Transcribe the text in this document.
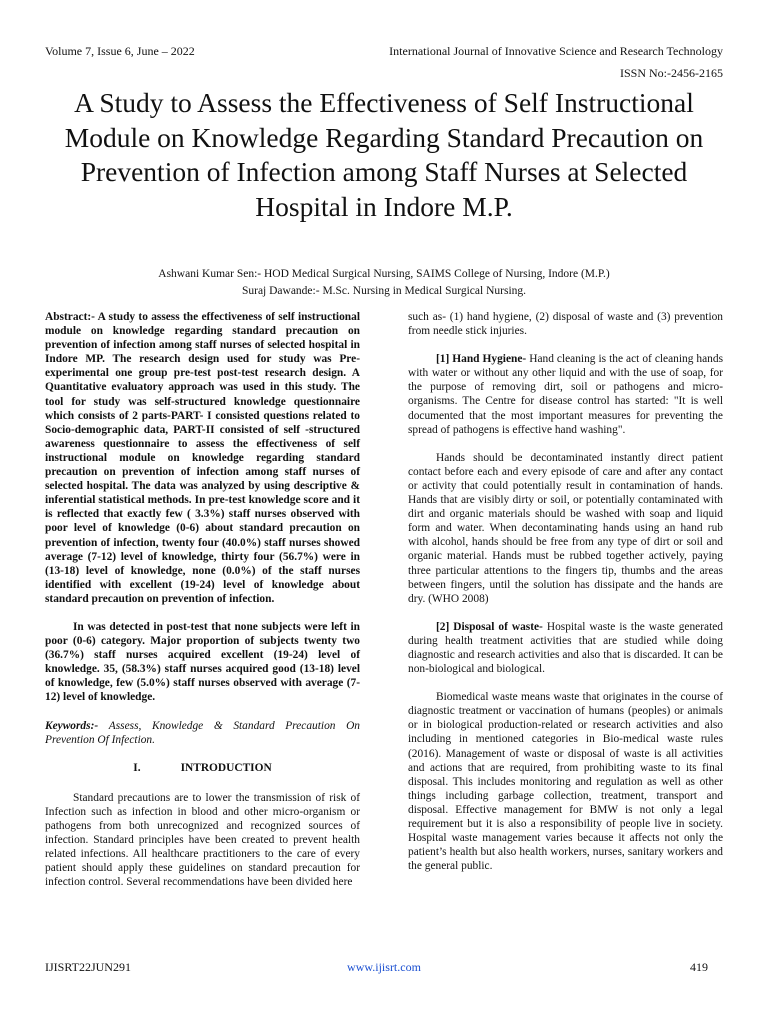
Volume 7, Issue 6, June – 2022	International Journal of Innovative Science and Research Technology
ISSN No:-2456-2165
A Study to Assess the Effectiveness of Self Instructional Module on Knowledge Regarding Standard Precaution on Prevention of Infection among Staff Nurses at Selected Hospital in Indore M.P.
Ashwani Kumar Sen:- HOD Medical Surgical Nursing, SAIMS College of Nursing, Indore (M.P.)
Suraj Dawande:- M.Sc. Nursing in Medical Surgical Nursing.

Abstract:- A study to assess the effectiveness of self instructional module on knowledge regarding standard precaution on prevention of infection among staff nurses of selected hospital in Indore MP. The research design used for study was Pre-experimental one group pre-test post-test research design. A Quantitative evaluatory approach was used in this study. The tool for study was self-structured knowledge questionnaire which consists of 2 parts-PART- I consisted questions related to Socio-demographic data, PART-II consisted of self -structured awareness questionnaire to assess the effectiveness of self instructional module on knowledge regarding standard precaution on prevention of infection among staff nurses of selected hospital. The data was analyzed by using descriptive & inferential statistical methods. In pre-test knowledge score and it is reflected that exactly few ( 3.3%) staff nurses observed with poor level of knowledge (0-6) about standard precaution on prevention of infection, twenty four (40.0%) staff nurses showed average (7-12) level of knowledge, thirty four (56.7%) were in (13-18) level of knowledge, none (0.0%) of the staff nurses identified with excellent (19-24) level of knowledge about standard precaution on prevention of infection.

In was detected in post-test that none subjects were left in poor (0-6) category. Major proportion of subjects twenty two (36.7%) staff nurses acquired excellent (19-24) level of knowledge. 35, (58.3%) staff nurses acquired good (13-18) level of knowledge, few (5.0%) staff nurses observed with average (7-12) level of knowledge.

Keywords:- Assess, Knowledge & Standard Precaution On Prevention Of Infection.

I.	INTRODUCTION

Standard precautions are to lower the transmission of risk of Infection such as infection in blood and other micro-organism or pathogens from both unrecognized and recognized sources of infection. Standard principles have been created to prevent health related infections. All healthcare practitioners to the care of every patient should apply these guidelines on standard precaution for infection control. Several recommendations have been divided here

such as- (1) hand hygiene, (2) disposal of waste and (3) prevention from needle stick injuries.

[1] Hand Hygiene- Hand cleaning is the act of cleaning hands with water or without any other liquid and with the use of soap, for the purpose of removing dirt, soil or pathogens and micro-organisms. The Centre for disease control has started: "It is well documented that the most important measures for preventing the spread of pathogens is effective hand washing".

Hands should be decontaminated instantly direct patient contact before each and every episode of care and after any contact or activity that could potentially result in contamination of hands. Hands that are visibly dirty or soil, or potentially contaminated with dirt and organic materials should be washed with soap and liquid form and water. When decontaminating hands using an hand rub with alcohol, hands should be free from any type of dirt or soil and organic material. Hands must be rubbed together actively, paying three particular attentions to the fingers tip, thumbs and the areas between fingers, until the solution has dissipate and the hands are dry. (WHO 2008)

[2] Disposal of waste- Hospital waste is the waste generated during health treatment activities that are studied while doing diagnostic and research activities and also that is discarded. It can be non-biological and biological.

Biomedical waste means waste that originates in the course of diagnostic treatment or vaccination of humans (peoples) or animals or in biological production-related or research activities and also including in mentioned categories in Bio-medical waste rules (2016). Management of waste or disposal of waste is all activities and actions that are required, from prohibiting waste to its final disposal. This includes monitoring and regulation as well as other things including garbage collection, treatment, transport and disposal. Effective management for BMW is not only a legal requirement but it is also a responsibility of people live in society. Hospital waste management varies because it affects not only the patient’s health but also health workers, nurses, sanitary workers and the general public.

IJISRT22JUN291	www.ijisrt.com	419
